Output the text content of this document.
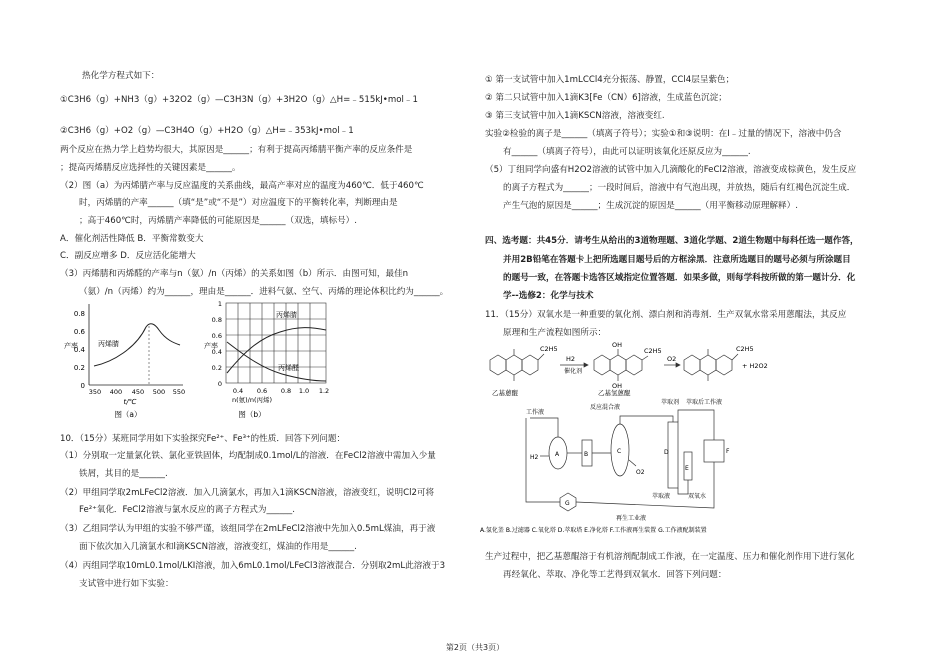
热化学方程式如下：
①C3H6（g）+NH3（g）+32O2（g）—C3H3N（g）+3H2O（g）△H=﹣515kJ•mol﹣1
②C3H6（g）+O2（g）—C3H4O（g）+H2O（g）△H=﹣353kJ•mol﹣1
两个反应在热力学上趋势均很大，其原因是______；有利于提高丙烯腈平衡产率的反应条件是
；提高丙烯腈反应选择性的关键因素是______。
（2）图（a）为丙烯腈产率与反应温度的关系曲线，最高产率对应的温度为460℃．低于460℃
时，丙烯腈的产率______（填“是”或“不是”）对应温度下的平衡转化率，判断理由是
；高于460℃时，丙烯腈产率降低的可能原因是______（双选，填标号）.
A．催化剂活性降低 B．平衡常数变大
C．副反应增多 D．反应活化能增大
（3）丙烯腈和丙烯醛的产率与n（氨）/n（丙烯）的关系如图（b）所示．由图可知，最佳n
（氨）/n（丙烯）约为______，理由是______．进料气氨、空气、丙烯的理论体积比约为______。
产率
0.8
0.6
0.4
0.2
0
丙烯腈
350 400 450 500 550
t/℃
图（a）
产率
1
0.8
0.6
0.4
0.2
0
丙烯腈
丙烯醛
0.4 0.6 0.8 1.0 1.2
n(氨)/n(丙烯)
图（b）
10．（15分）某班同学用如下实验探究Fe²⁺、Fe³⁺的性质．回答下列问题：
（1）分别取一定量氯化铁、氯化亚铁固体，均配制成0.1mol/L的溶液．在FeCl2溶液中需加入少量
铁屑，其目的是______.
（2）甲组同学取2mLFeCl2溶液．加入几滴氯水，再加入1滴KSCN溶液，溶液变红，说明Cl2可将
Fe²⁺氧化．FeCl2溶液与氯水反应的离子方程式为______.
（3）乙组同学认为甲组的实验不够严谨，该组同学在2mLFeCl2溶液中先加入0.5mL煤油，再于液
面下依次加入几滴氯水和l滴KSCN溶液，溶液变红，煤油的作用是______.
（4）丙组同学取10mL0.1mol/LKI溶液，加入6mL0.1mol/LFeCl3溶液混合．分别取2mL此溶液于3
支试管中进行如下实验：
① 第一支试管中加入1mLCCl4充分振荡、静置，CCl4层呈紫色；
② 第二只试管中加入1滴K3[Fe（CN）6]溶液，生成蓝色沉淀；
③ 第三支试管中加入1滴KSCN溶液，溶液变红.
实验②检验的离子是______（填离子符号）；实验①和③说明：在I﹣过量的情况下，溶液中仍含
有______（填离子符号），由此可以证明该氧化还原反应为______.
（5）丁组同学向盛有H2O2溶液的试管中加入几滴酸化的FeCl2溶液，溶液变成棕黄色，发生反应
的离子方程式为______；一段时间后，溶液中有气泡出现，并放热，随后有红褐色沉淀生成．
产生气泡的原因是______；生成沉淀的原因是______（用平衡移动原理解释）.
四、选考题：共45分．请考生从给出的3道物理题、3道化学题、2道生物题中每科任选一题作答，
并用2B铅笔在答题卡上把所选题目题号后的方框涂黑．注意所选题目的题号必须与所涂题目
的题号一致，在答题卡选答区域指定位置答题．如果多做，则每学科按所做的第一题计分．化
学--选修2：化学与技术
11．（15分）双氧水是一种重要的氧化剂、漂白剂和消毒剂．生产双氧水常采用蒽醌法，其反应
原理和生产流程如图所示：
C2H5
H2
催化剂
O2
C2H5
OH
OH
C2H5
+ H2O2
乙基蒽醌	乙基氢蒽醌
工作液
反应混合液
萃取剂 萃取后工作液
H2
O2
萃取液	双氧水
再生工业液
A	B	C	D
E
F
G
A.氢化釜 B.过滤器 C.氧化塔 D.萃取塔 E.净化塔 F.工作液再生装置 G.工作液配制装置
生产过程中，把乙基蒽醌溶于有机溶剂配制成工作液，在一定温度、压力和催化剂作用下进行氢化
再经氧化、萃取、净化等工艺得到双氧水．回答下列问题：
第2页（共3页）
